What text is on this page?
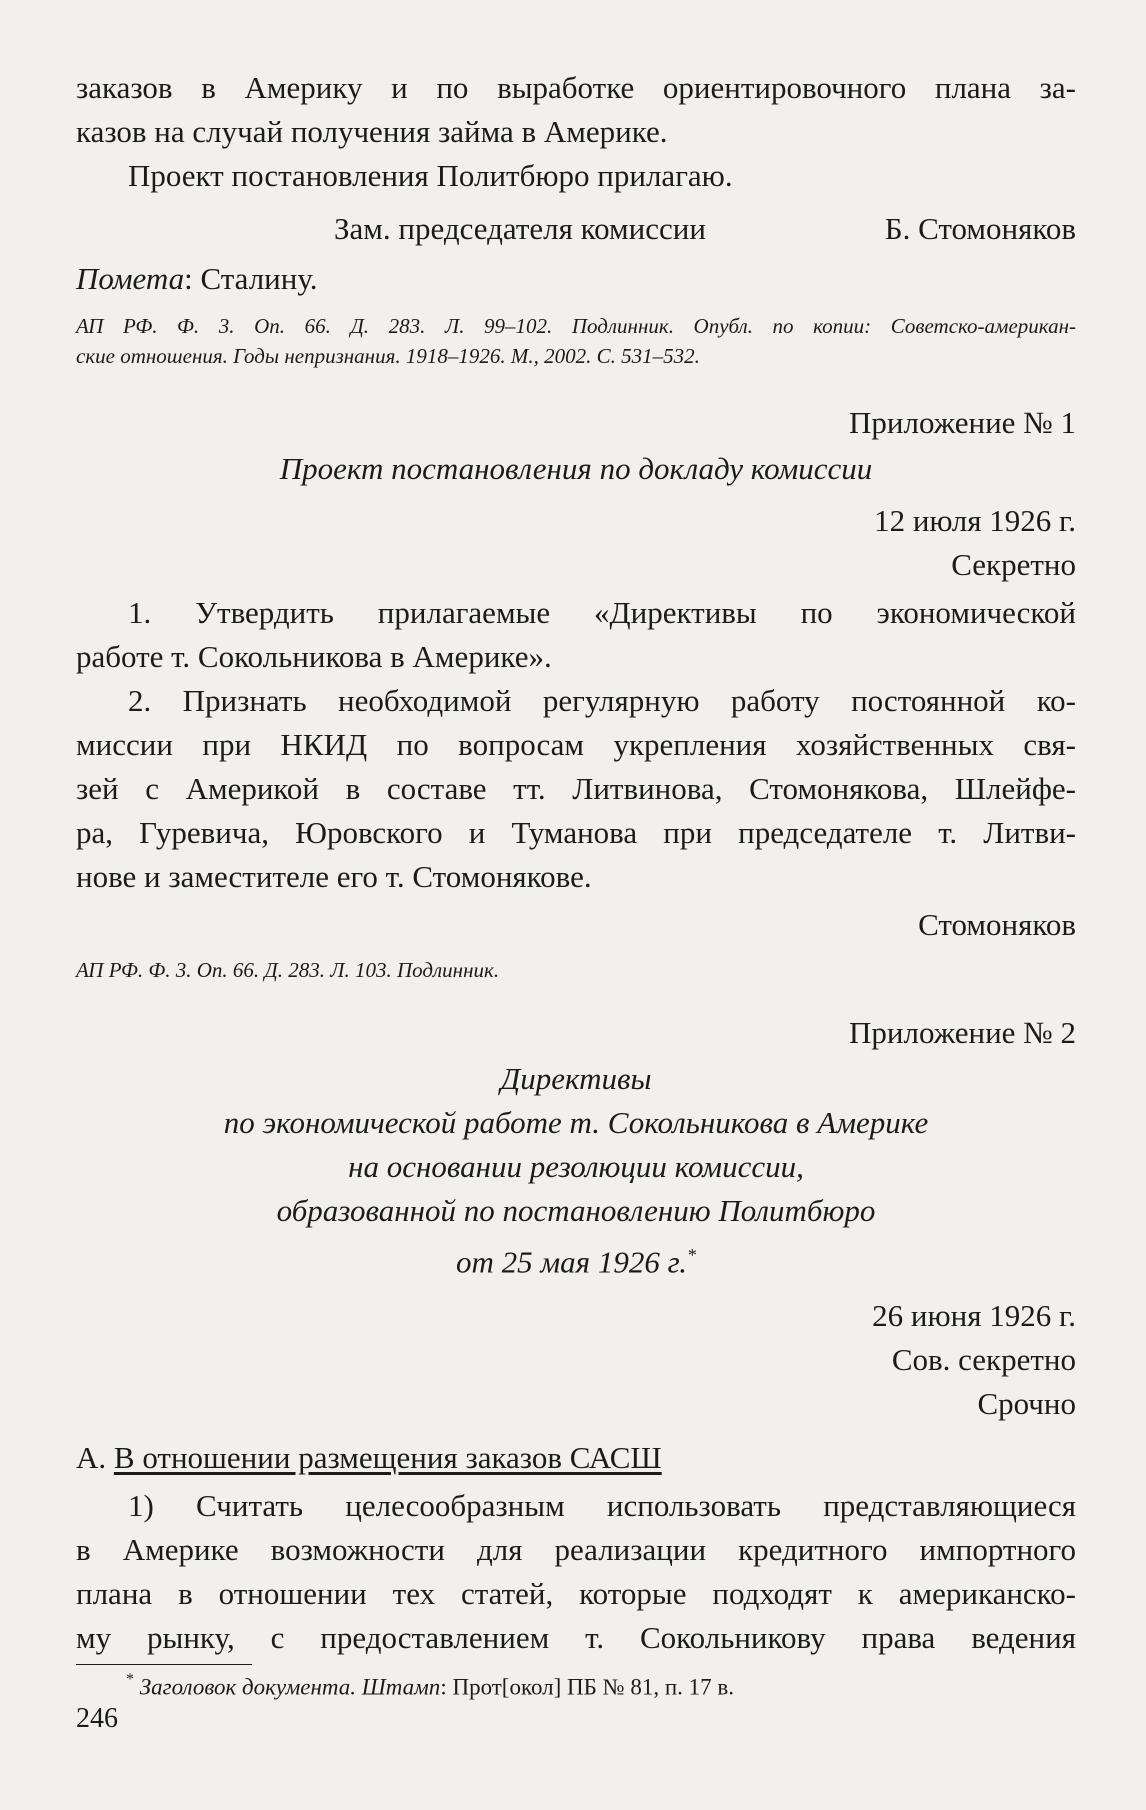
заказов в Америку и по выработке ориентировочного плана за-

казов на случай получения займа в Америке.

Проект постановления Политбюро прилагаю.

Зам. председателя комиссии	Б. Стомоняков

Помета: Сталину.

АП РФ. Ф. 3. Оп. 66. Д. 283. Л. 99–102. Подлинник. Опубл. по копии: Советско-американ-

ские отношения. Годы непризнания. 1918–1926. М., 2002. С. 531–532.

Приложение № 1

Проект постановления по докладу комиссии

12 июля 1926 г.

Секретно

1. Утвердить прилагаемые «Директивы по экономической

работе т. Сокольникова в Америке».

2. Признать необходимой регулярную работу постоянной ко-

миссии при НКИД по вопросам укрепления хозяйственных свя-

зей с Америкой в составе тт. Литвинова, Стомонякова, Шлейфе-

ра, Гуревича, Юровского и Туманова при председателе т. Литви-

нове и заместителе его т. Стомонякове.

Стомоняков

АП РФ. Ф. 3. Оп. 66. Д. 283. Л. 103. Подлинник.

Приложение № 2

Директивы

по экономической работе т. Сокольникова в Америке

на основании резолюции комиссии,

образованной по постановлению Политбюро

от 25 мая 1926 г.*

26 июня 1926 г.

Сов. секретно

Срочно

А. В отношении размещения заказов САСШ

1) Считать целесообразным использовать представляющиеся

в Америке возможности для реализации кредитного импортного

плана в отношении тех статей, которые подходят к американско-

му рынку, с предоставлением т. Сокольникову права ведения

* Заголовок документа. Штамп: Прот[окол] ПБ № 81, п. 17 в.

246
